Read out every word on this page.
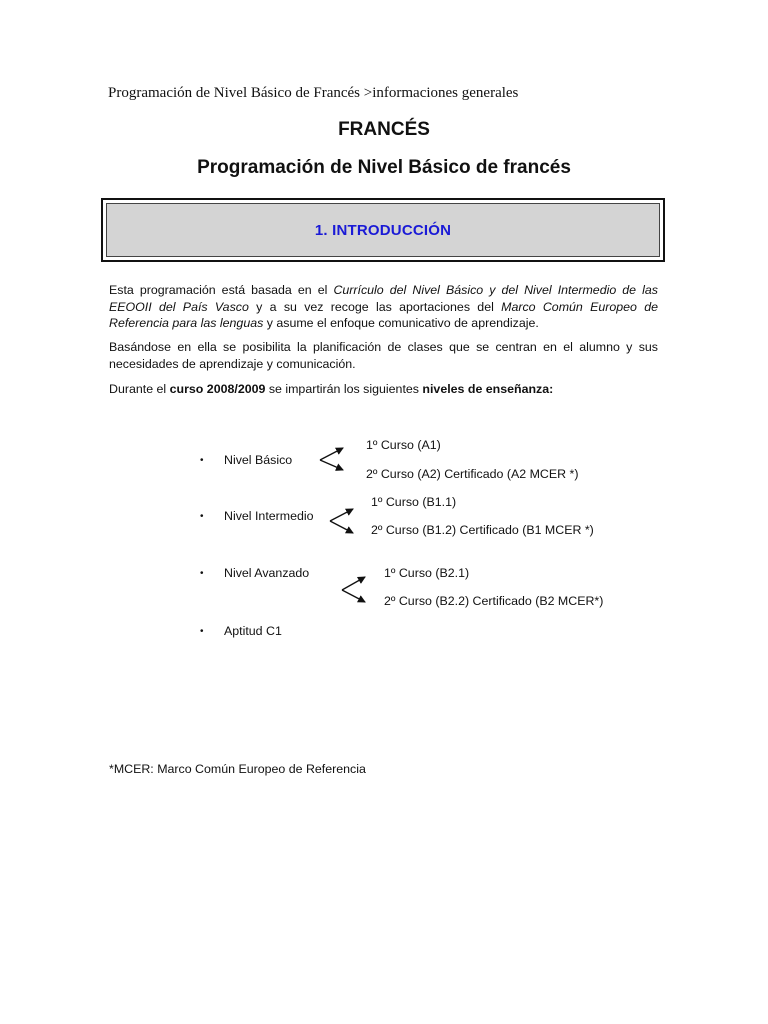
Programación de Nivel Básico de Francés >informaciones generales
FRANCÉS
Programación de Nivel Básico de francés
1. INTRODUCCIÓN
Esta programación está basada en el Currículo del Nivel Básico y del Nivel Intermedio de las EEOOII del País Vasco y a su vez recoge las aportaciones del Marco Común Europeo de Referencia para las lenguas y asume el enfoque comunicativo de aprendizaje.
Basándose en ella se posibilita la planificación de clases que se centran en el alumno y sus necesidades de aprendizaje y comunicación.
Durante el curso 2008/2009 se impartirán los siguientes niveles de enseñanza:
• Nivel Básico
1º Curso (A1)
2º Curso (A2) Certificado (A2 MCER *)
• Nivel Intermedio
1º Curso (B1.1)
2º Curso (B1.2) Certificado (B1 MCER *)
• Nivel Avanzado	1º Curso (B2.1)
2º Curso (B2.2) Certificado (B2 MCER*)
• Aptitud C1
*MCER: Marco Común Europeo de Referencia
